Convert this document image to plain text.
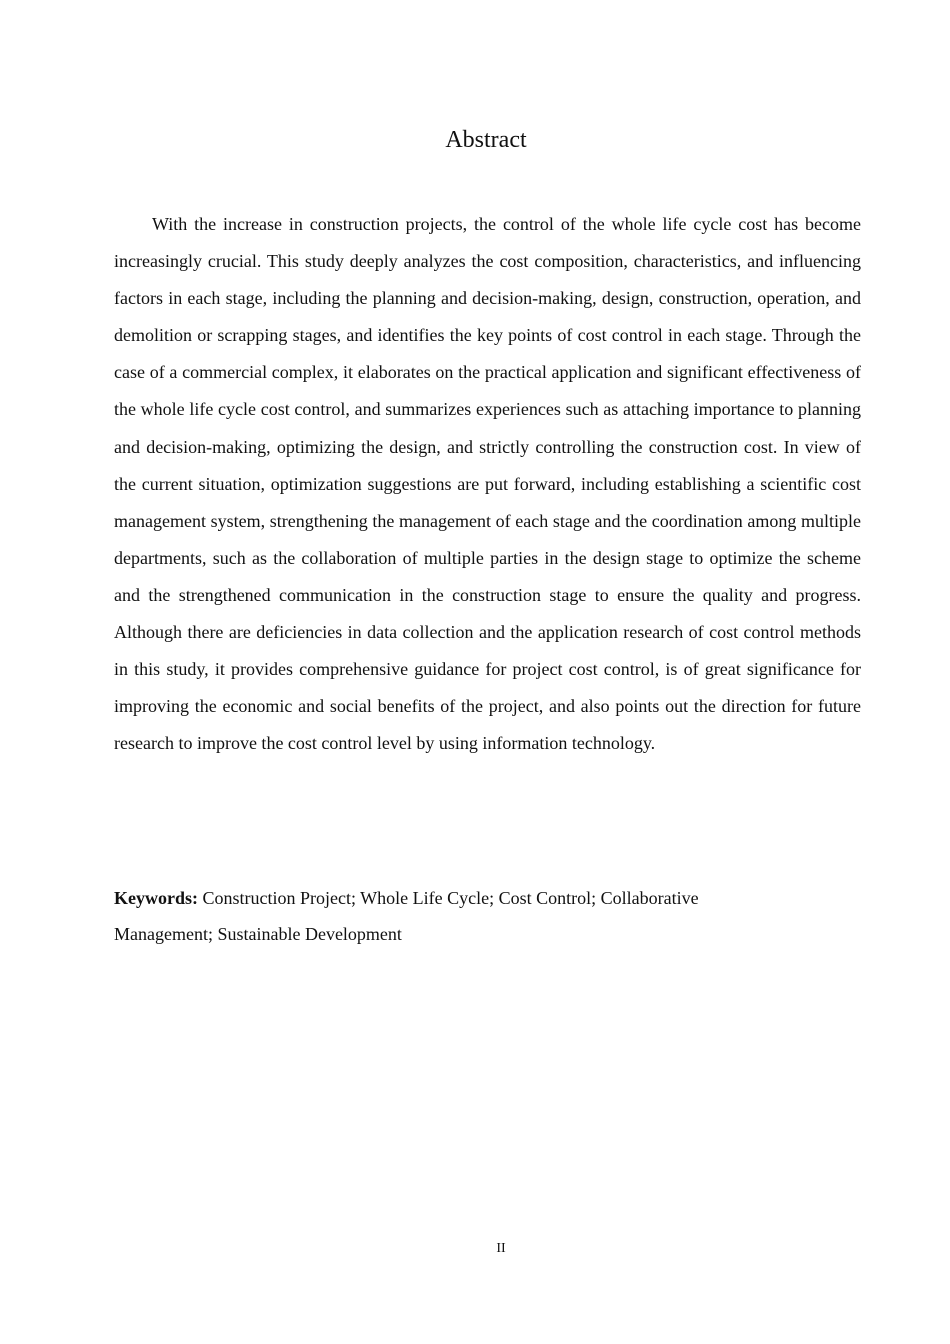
Abstract

With the increase in construction projects, the control of the whole life cycle cost has become increasingly crucial. This study deeply analyzes the cost composition, characteristics, and influencing factors in each stage, including the planning and decision-making, design, construction, operation, and demolition or scrapping stages, and identifies the key points of cost control in each stage. Through the case of a commercial complex, it elaborates on the practical application and significant effectiveness of the whole life cycle cost control, and summarizes experiences such as attaching importance to planning and decision-making, optimizing the design, and strictly controlling the construction cost. In view of the current situation, optimization suggestions are put forward, including establishing a scientific cost management system, strengthening the management of each stage and the coordination among multiple departments, such as the collaboration of multiple parties in the design stage to optimize the scheme and the strengthened communication in the construction stage to ensure the quality and progress. Although there are deficiencies in data collection and the application research of cost control methods in this study, it provides comprehensive guidance for project cost control, is of great significance for improving the economic and social benefits of the project, and also points out the direction for future research to improve the cost control level by using information technology.

Keywords: Construction Project; Whole Life Cycle; Cost Control; Collaborative Management; Sustainable Development

II
